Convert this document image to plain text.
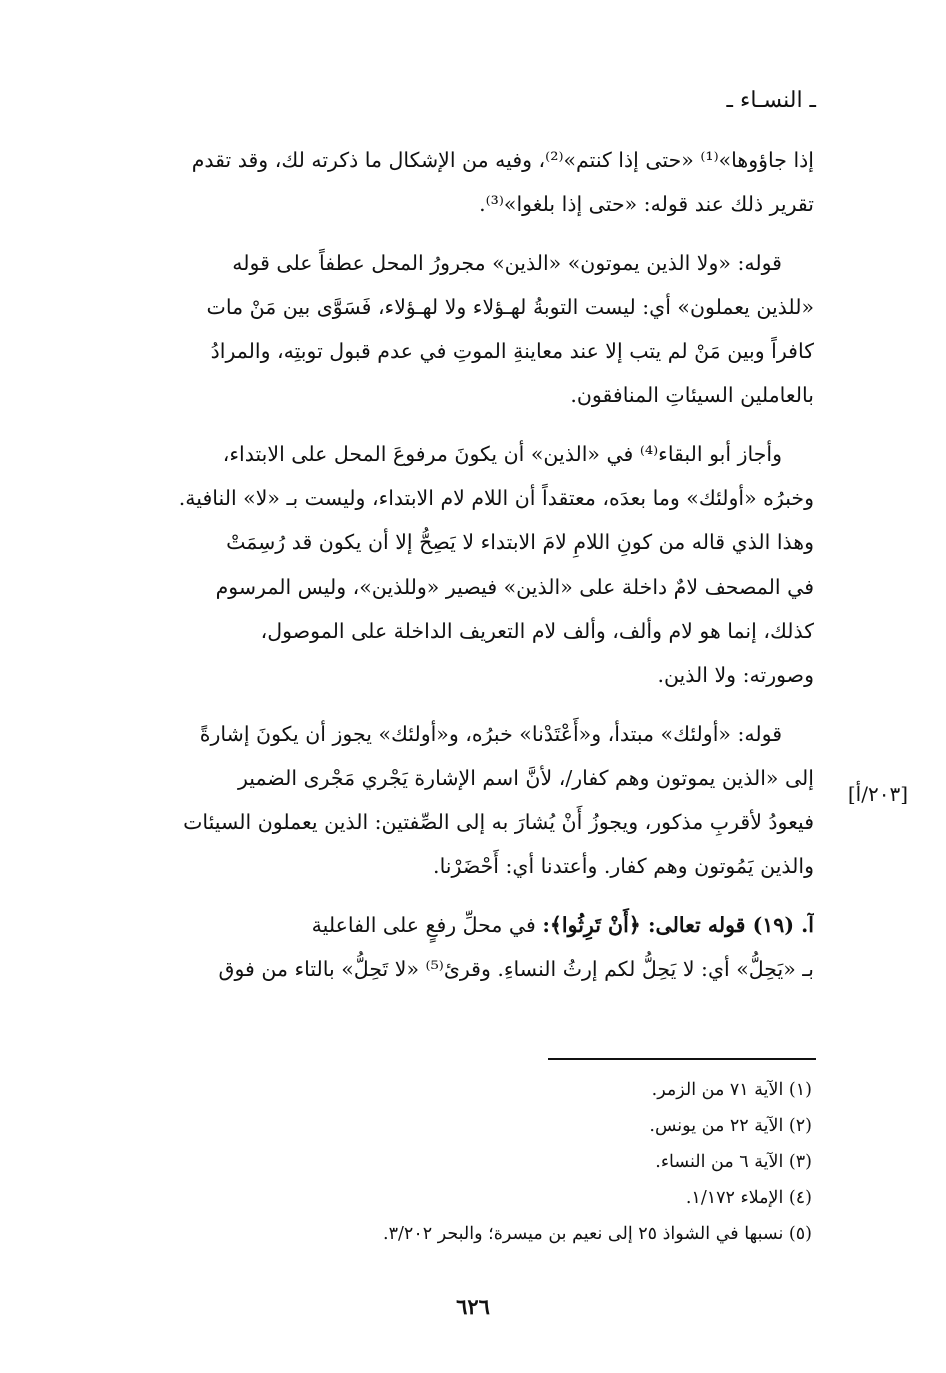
ـ النسـاء ـ
[٢٠٣/أ]

إذا جاؤوها»⁽¹⁾ «حتى إذا كنتم»⁽²⁾، وفيه من الإشكال ما ذكرته لك، وقد تقدم
تقرير ذلك عند قوله: «حتى إذا بلغوا»⁽³⁾.

قوله: «ولا الذين يموتون» «الذين» مجرورُ المحل عطفاً على قوله
«للذين يعملون» أي: ليست التوبةُ لهـؤلاء ولا لهـؤلاء، فَسَوَّى بين مَنْ مات
كافراً وبين مَنْ لم يتب إلا عند معاينةِ الموتِ في عدم قبول توبتِه، والمرادُ
بالعاملين السيئاتِ المنافقون.

وأجاز أبو البقاء⁽⁴⁾ في «الذين» أن يكونَ مرفوعَ المحل على الابتداء،
وخبرُه «أولئك» وما بعدَه، معتقداً أن اللام لام الابتداء، وليست بـ «لا» النافية.
وهذا الذي قاله من كونِ اللامِ لامَ الابتداء لا يَصِحُّ إلا أن يكون قد رُسِمَتْ
في المصحف لامٌ داخلة على «الذين» فيصير «وللذين»، وليس المرسوم
كذلك، إنما هو لام وألف، وألف لام التعريف الداخلة على الموصول،
وصورته: ولا الذين.

قوله: «أولئك» مبتدأ، و«أَعْتَدْنا» خبرُه، و«أولئك» يجوز أن يكونَ إشارةً
إلى «الذين يموتون وهم كفار/، لأنَّ اسم الإشارة يَجْري مَجْرى الضمير
فيعودُ لأقربِ مذكور، ويجوزُ أَنْ يُشارَ به إلى الصِّفتين: الذين يعملون السيئات
والذين يَمُوتون وهم كفار. وأعتدنا أي: أَحْضَرْنا.

آ. (١٩) قوله تعالى: ﴿أَنْ تَرِثُوا﴾: في محلِّ رفعٍ على الفاعلية
بـ «يَحِلُّ» أي: لا يَحِلُّ لكم إرثُ النساءِ. وقرئ⁽⁵⁾ «لا تَحِلُّ» بالتاء من فوق

(١) الآية ٧١ من الزمر.
(٢) الآية ٢٢ من يونس.
(٣) الآية ٦ من النساء.
(٤) الإملاء ١/١٧٢.
(٥) نسبها في الشواذ ٢٥ إلى نعيم بن ميسرة؛ والبحر ٣/٢٠٢.
٦٢٦
